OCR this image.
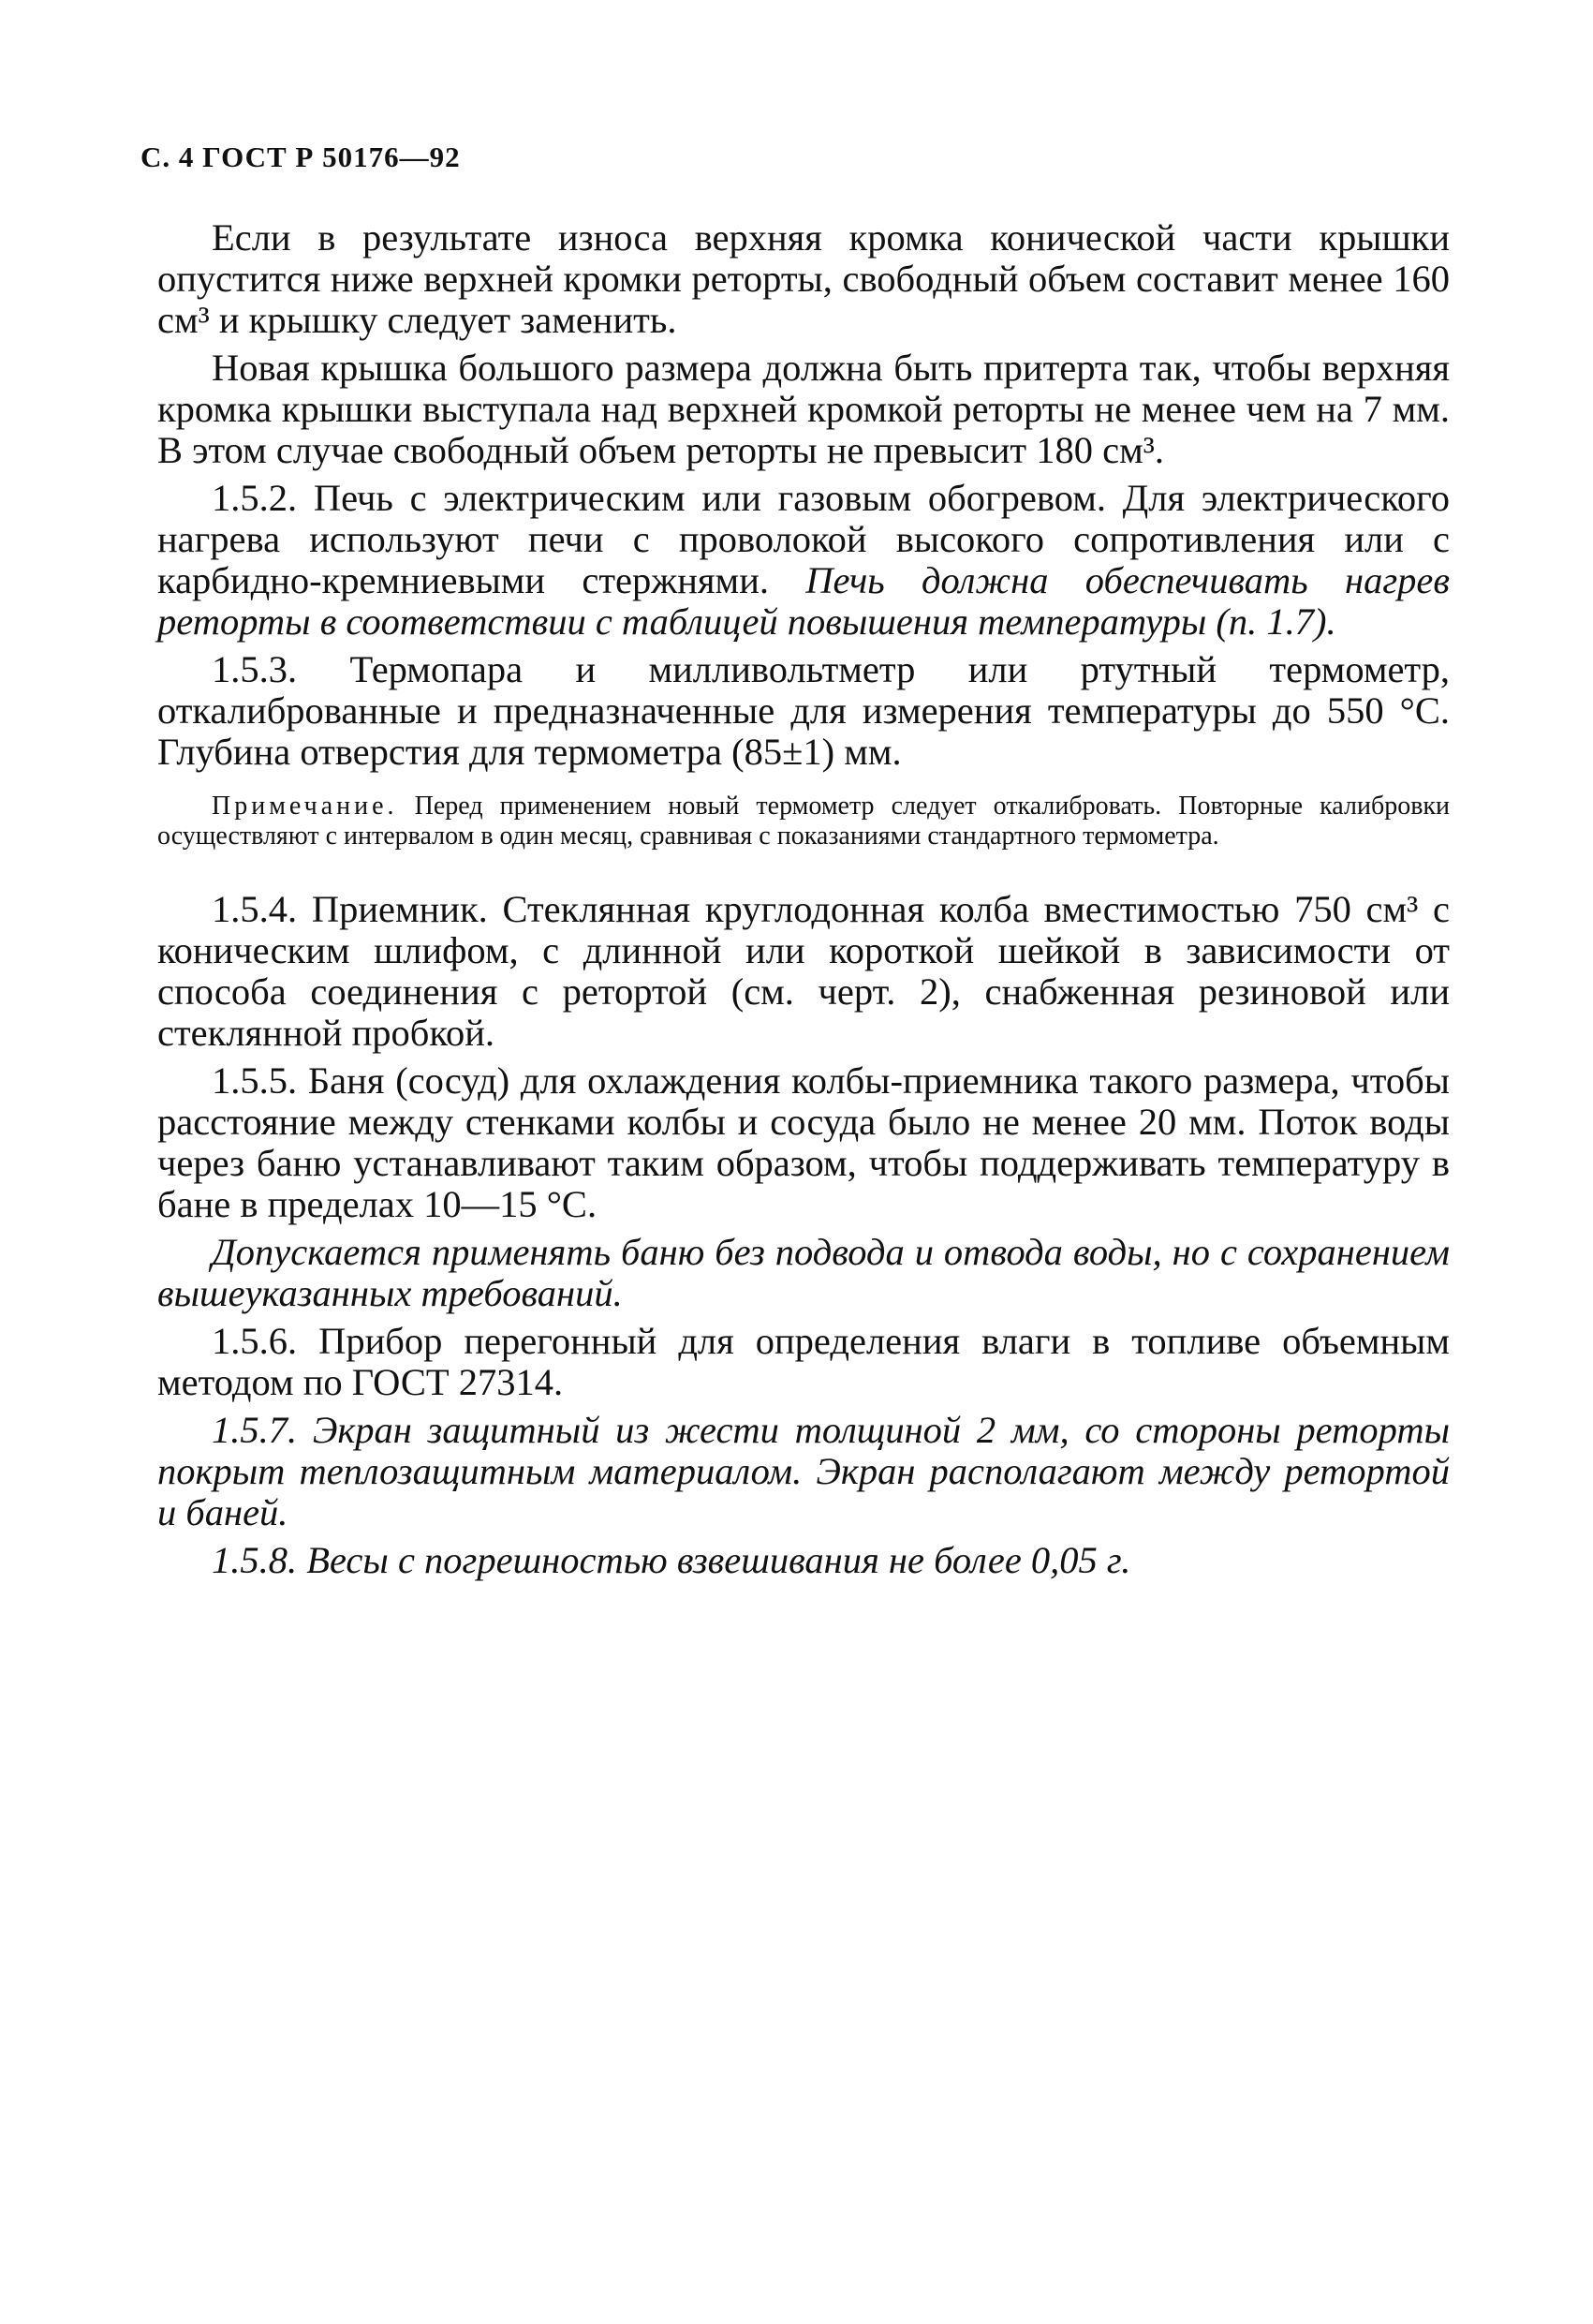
С. 4 ГОСТ Р 50176—92

Если в результате износа верхняя кромка конической части крышки опустится ниже верхней кромки реторты, свободный объем составит менее 160 см³ и крышку следует заменить.

Новая крышка большого размера должна быть притерта так, чтобы верхняя кромка крышки выступала над верхней кромкой реторты не менее чем на 7 мм. В этом случае свободный объем реторты не превысит 180 см³.

1.5.2. Печь с электрическим или газовым обогревом. Для электрического нагрева используют печи с проволокой высокого сопротивления или с карбидно-кремниевыми стержнями. Печь должна обеспечивать нагрев реторты в соответствии с таблицей повышения температуры (п. 1.7).

1.5.3. Термопара и милливольтметр или ртутный термометр, откалиброванные и предназначенные для измерения температуры до 550 °С. Глубина отверстия для термометра (85±1) мм.

Примечание. Перед применением новый термометр следует откалибровать. Повторные калибровки осуществляют с интервалом в один месяц, сравнивая с показаниями стандартного термометра.

1.5.4. Приемник. Стеклянная круглодонная колба вместимостью 750 см³ с коническим шлифом, с длинной или короткой шейкой в зависимости от способа соединения с ретортой (см. черт. 2), снабженная резиновой или стеклянной пробкой.

1.5.5. Баня (сосуд) для охлаждения колбы-приемника такого размера, чтобы расстояние между стенками колбы и сосуда было не менее 20 мм. Поток воды через баню устанавливают таким образом, чтобы поддерживать температуру в бане в пределах 10—15 °С.

Допускается применять баню без подвода и отвода воды, но с сохранением вышеуказанных требований.

1.5.6. Прибор перегонный для определения влаги в топливе объемным методом по ГОСТ 27314.

1.5.7. Экран защитный из жести толщиной 2 мм, со стороны реторты покрыт теплозащитным материалом. Экран располагают между ретортой и баней.

1.5.8. Весы с погрешностью взвешивания не более 0,05 г.
